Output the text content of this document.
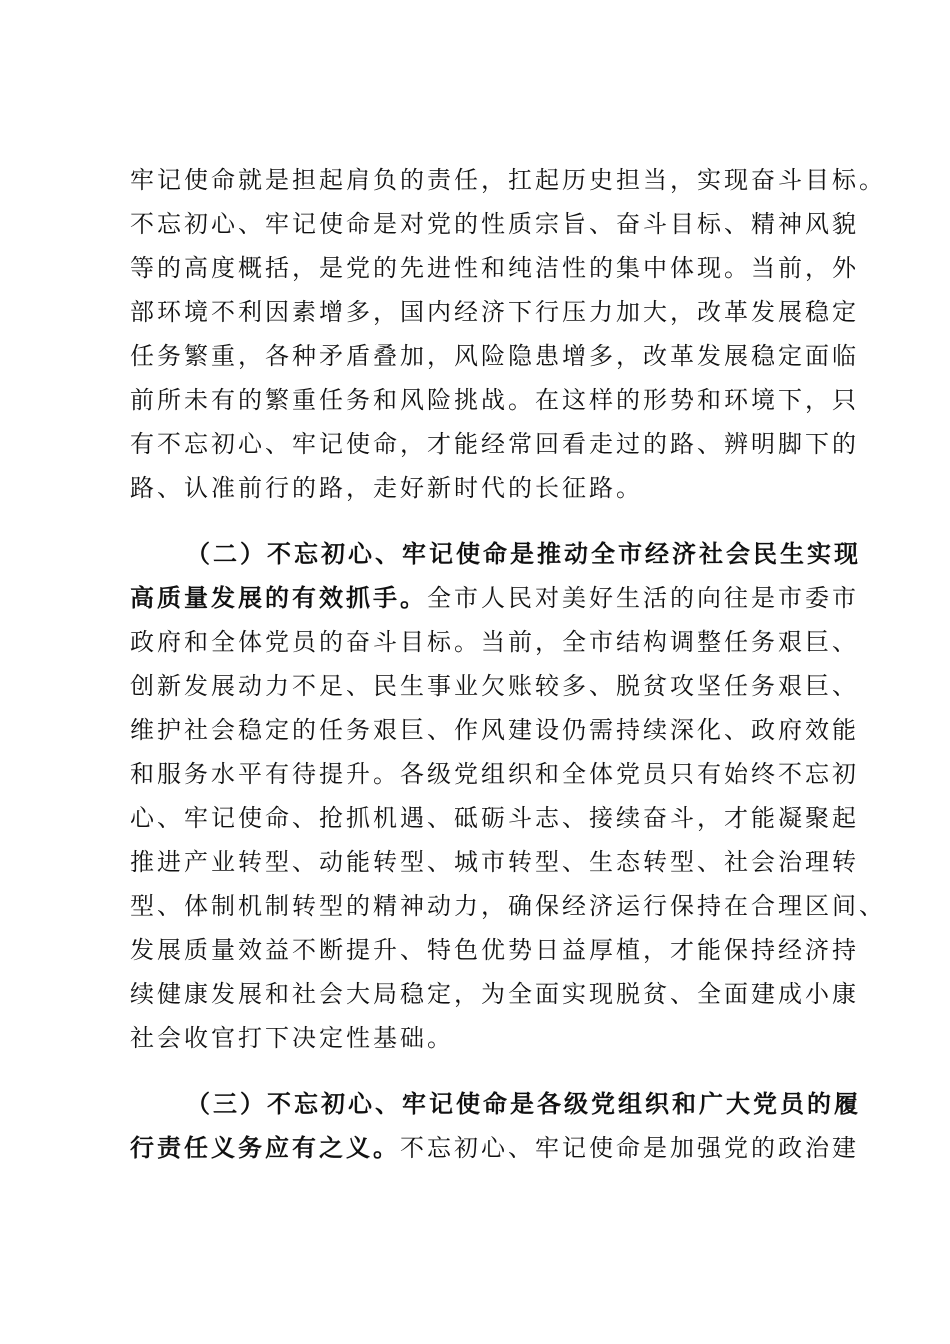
牢记使命就是担起肩负的责任，扛起历史担当，实现奋斗目标。
不忘初心、牢记使命是对党的性质宗旨、奋斗目标、精神风貌
等的高度概括，是党的先进性和纯洁性的集中体现。当前，外
部环境不利因素增多，国内经济下行压力加大，改革发展稳定
任务繁重，各种矛盾叠加，风险隐患增多，改革发展稳定面临
前所未有的繁重任务和风险挑战。在这样的形势和环境下，只
有不忘初心、牢记使命，才能经常回看走过的路、辨明脚下的
路、认准前行的路，走好新时代的长征路。
（二）不忘初心、牢记使命是推动全市经济社会民生实现
高质量发展的有效抓手。全市人民对美好生活的向往是市委市
政府和全体党员的奋斗目标。当前，全市结构调整任务艰巨、
创新发展动力不足、民生事业欠账较多、脱贫攻坚任务艰巨、
维护社会稳定的任务艰巨、作风建设仍需持续深化、政府效能
和服务水平有待提升。各级党组织和全体党员只有始终不忘初
心、牢记使命、抢抓机遇、砥砺斗志、接续奋斗，才能凝聚起
推进产业转型、动能转型、城市转型、生态转型、社会治理转
型、体制机制转型的精神动力，确保经济运行保持在合理区间、
发展质量效益不断提升、特色优势日益厚植，才能保持经济持
续健康发展和社会大局稳定，为全面实现脱贫、全面建成小康
社会收官打下决定性基础。
（三）不忘初心、牢记使命是各级党组织和广大党员的履
行责任义务应有之义。不忘初心、牢记使命是加强党的政治建
